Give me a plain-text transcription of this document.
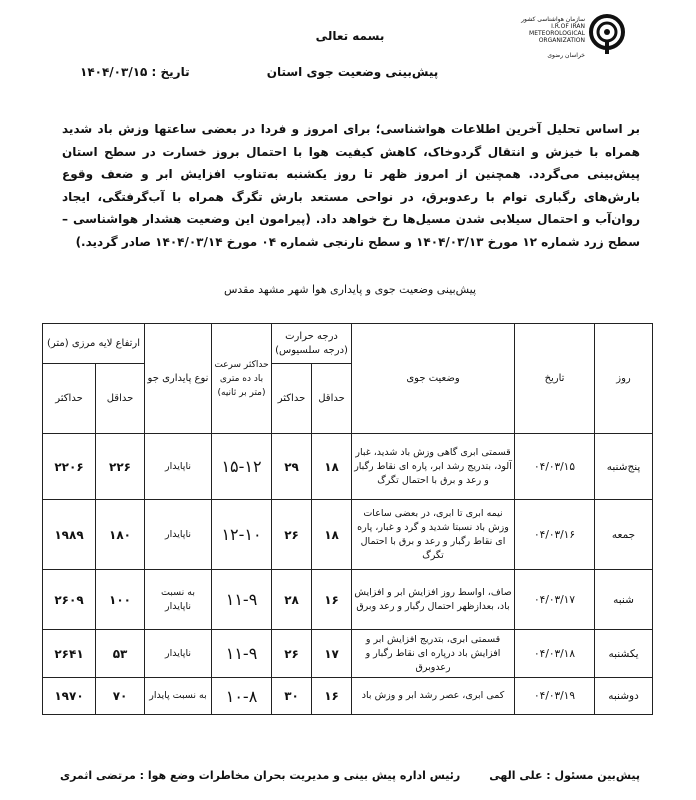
سازمان هواشناسی کشور
I.R.OF IRAN
METEOROLOGICAL
ORGANIZATION
خراسان رضوی
بسمه تعالی
پیش‌بینی وضعیت جوی استان
تاریخ : ۱۴۰۴/۰۳/۱۵
بر اساس تحلیل آخرین اطلاعات هواشناسی؛ برای امروز و فردا در بعضی ساعتها وزش باد شدید همراه با خیزش و انتقال گردوخاک، کاهش کیفیت هوا با احتمال بروز خسارت در سطح استان پیش‌بینی می‌گردد. همچنین از امروز ظهر تا روز یکشنبه به‌تناوب افزایش ابر و ضعف وقوع بارش‌های رگباری توام با رعدوبرق، در نواحی مستعد بارش تگرگ همراه با آب‌گرفتگی، ایجاد روان‌آب و احتمال سیلابی شدن مسیل‌ها رخ خواهد داد. (پیرامون این وضعیت هشدار هواشناسی – سطح زرد شماره ۱۲ مورخ ۱۴۰۴/۰۳/۱۳ و سطح نارنجی شماره ۰۴ مورخ ۱۴۰۴/۰۳/۱۴ صادر گردید.)
پیش‌بینی وضعیت جوی و پایداری هوا شهر مشهد مقدس
روز	تاریخ	وضعیت جوی	درجه حرارت (درجه سلسیوس)		حداکثر سرعت باد ده متری (متر بر ثانیه)	نوع پایداری جو	ارتفاع لایه مرزی (متر)	
			حداقل	حداکثر			حداقل	حداکثر
پنج‌شنبه	۰۴/۰۳/۱۵	قسمتی ابری گاهی وزش باد شدید، غبار آلود، بتدریج رشد ابر، پاره ای نقاط رگبار و رعد و برق با احتمال تگرگ	۱۸	۲۹	۱۵-۱۲	ناپایدار	۲۲۶	۲۲۰۶
جمعه	۰۴/۰۳/۱۶	نیمه ابری تا ابری، در بعضی ساعات وزش باد نسبتا شدید و گرد و غبار، پاره ای نقاط رگبار و رعد و برق با احتمال تگرگ	۱۸	۲۶	۱۲-۱۰	ناپایدار	۱۸۰	۱۹۸۹
شنبه	۰۴/۰۳/۱۷	صاف، اواسط روز افزایش ابر و افزایش باد، بعدازظهر احتمال رگبار و رعد وبرق	۱۶	۲۸	۱۱-۹	به نسبت ناپایدار	۱۰۰	۲۶۰۹
یکشنبه	۰۴/۰۳/۱۸	قسمتی ابری، بتدریج افزایش ابر و افزایش باد درپاره ای نقاط رگبار و رعدوبرق	۱۷	۲۶	۱۱-۹	ناپایدار	۵۳	۲۶۴۱
دوشنبه	۰۴/۰۳/۱۹	کمی ابری، عصر رشد ابر و وزش باد	۱۶	۳۰	۱۰-۸	به نسبت پایدار	۷۰	۱۹۷۰
پیش‌بین مسئول : علی الهی
رئیس اداره پیش بینی و مدیریت بحران مخاطرات وضع هوا : مرتضی اثمری
